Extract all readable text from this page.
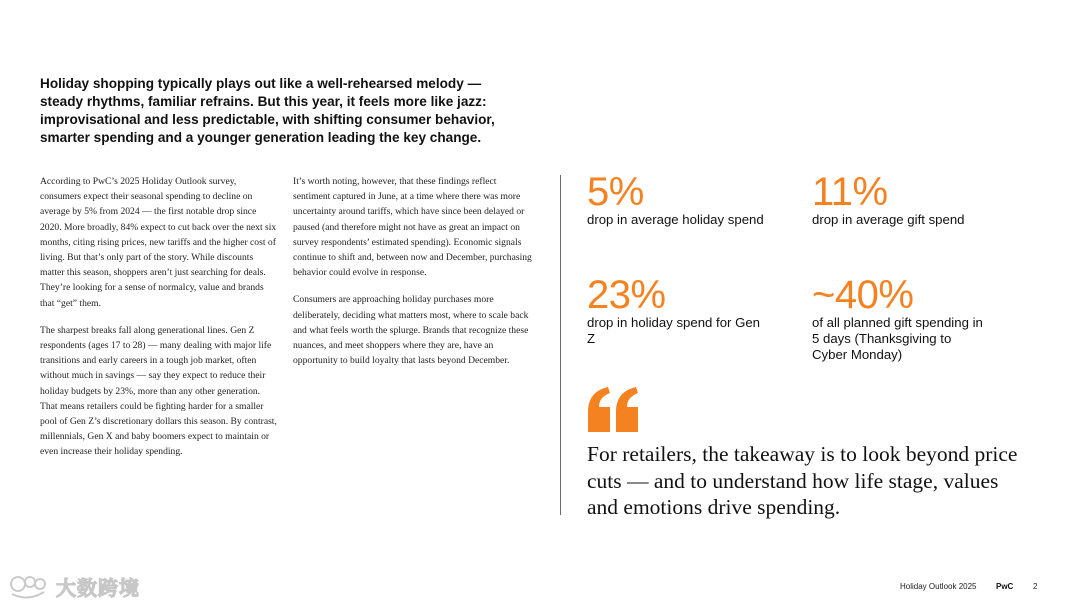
Holiday shopping typically plays out like a well-rehearsed melody — steady rhythms, familiar refrains. But this year, it feels more like jazz: improvisational and less predictable, with shifting consumer behavior, smarter spending and a younger generation leading the key change.

According to PwC’s 2025 Holiday Outlook survey, consumers expect their seasonal spending to decline on average by 5% from 2024 — the first notable drop since 2020. More broadly, 84% expect to cut back over the next six months, citing rising prices, new tariffs and the higher cost of living. But that’s only part of the story. While discounts matter this season, shoppers aren’t just searching for deals. They’re looking for a sense of normalcy, value and brands that “get” them.

The sharpest breaks fall along generational lines. Gen Z respondents (ages 17 to 28) — many dealing with major life transitions and early careers in a tough job market, often without much in savings — say they expect to reduce their holiday budgets by 23%, more than any other generation. That means retailers could be fighting harder for a smaller pool of Gen Z’s discretionary dollars this season. By contrast, millennials, Gen X and baby boomers expect to maintain or even increase their holiday spending.

It’s worth noting, however, that these findings reflect sentiment captured in June, at a time where there was more uncertainty around tariffs, which have since been delayed or paused (and therefore might not have as great an impact on survey respondents’ estimated spending). Economic signals continue to shift and, between now and December, purchasing behavior could evolve in response.

Consumers are approaching holiday purchases more deliberately, deciding what matters most, where to scale back and what feels worth the splurge. Brands that recognize these nuances, and meet shoppers where they are, have an opportunity to build loyalty that lasts beyond December.

5%
drop in average holiday spend
11%
drop in average gift spend
23%
drop in holiday spend for Gen Z
~40%
of all planned gift spending in 5 days (Thanksgiving to Cyber Monday)
For retailers, the takeaway is to look beyond price cuts — and to understand how life stage, values and emotions drive spending.
大数跨境	Holiday Outlook 2025 PwC 2
